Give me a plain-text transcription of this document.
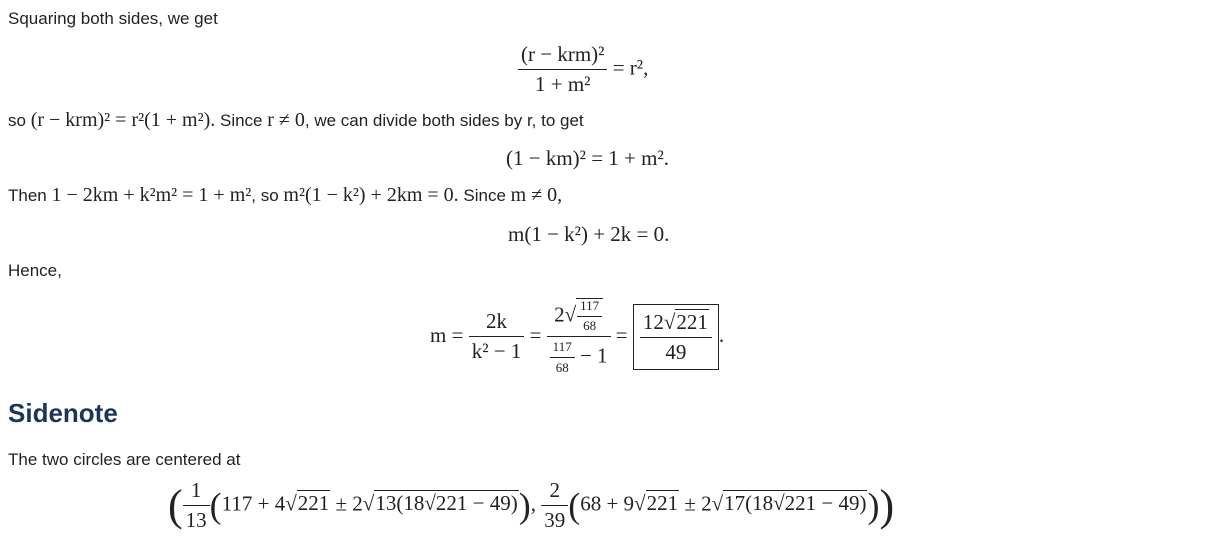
Squaring both sides, we get
$\frac{\text{(r − krm)²}}{\text{1 + m²}} = r^2$,
so (r − krm)² = r²(1 + m²). Since r ≠ 0, we can divide both sides by r, to get
(1 − km)² = 1 + m².
Then 1 − 2km + k²m² = 1 + m², so m²(1 − k²) + 2km = 0. Since m ≠ 0,
m(1 − k²) + 2k = 0.
Hence,
$m = \frac{2k}{\text{k² − 1}} = \frac{2√ \frac{117}{68}}{\frac{117}{68} - 1} = \frac{12√221}{49}$ .
Sidenote
The two circles are centered at
( $\frac{1}{13} (117 + 4√221 \pm 2√13(18√221 - 49))$, $\frac{2}{39} (68 + 9√221 \pm 2√17(18√221 - 49))$)
